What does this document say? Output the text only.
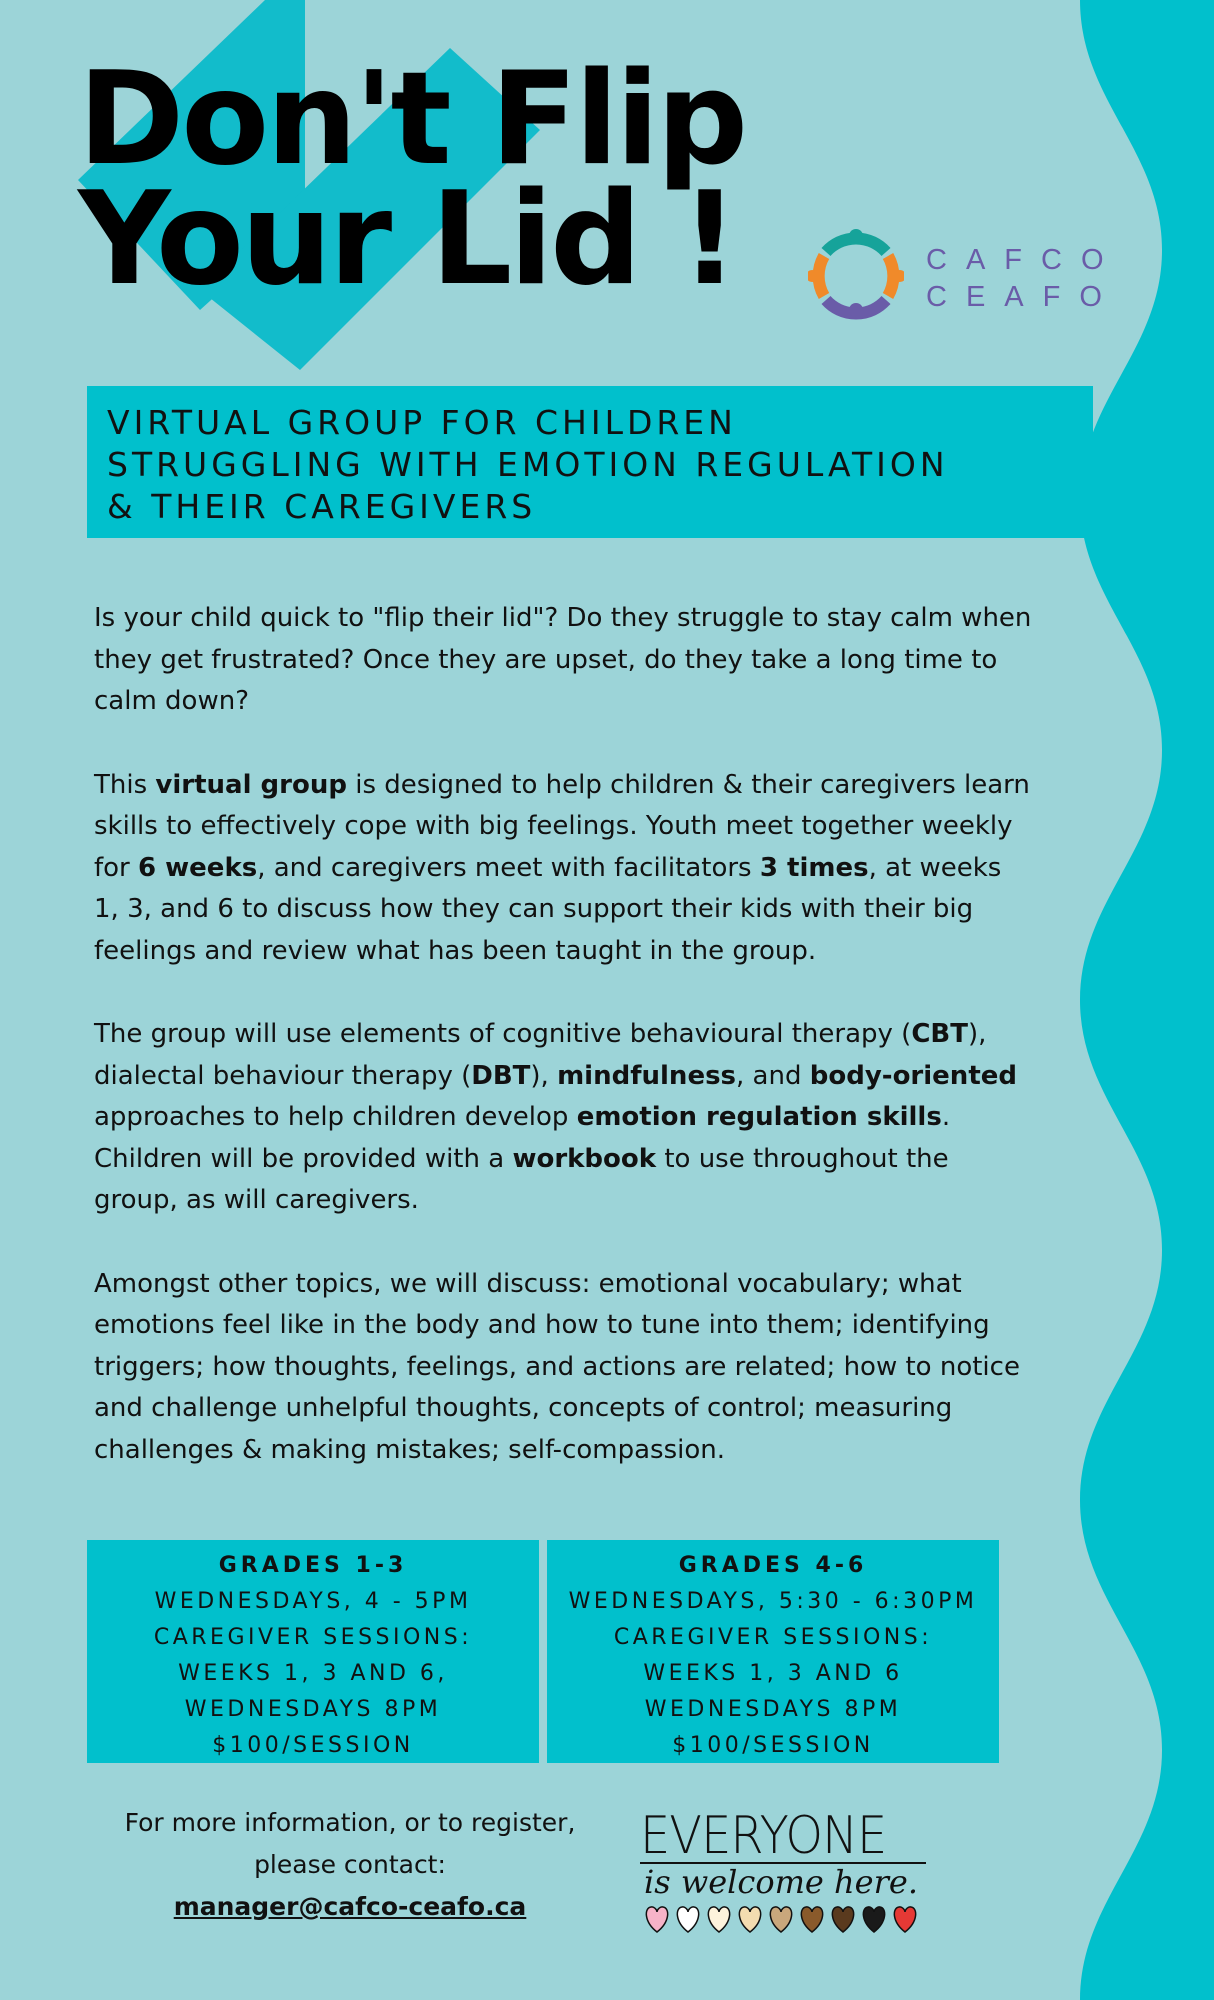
Don't Flip
Your Lid !	CAFCO
CEAFO

VIRTUAL GROUP FOR CHILDREN
STRUGGLING WITH EMOTION REGULATION
& THEIR CAREGIVERS

Is your child quick to "flip their lid"? Do they struggle to stay calm when they get frustrated? Once they are upset, do they take a long time to calm down?

This virtual group is designed to help children & their caregivers learn skills to effectively cope with big feelings. Youth meet together weekly for 6 weeks, and caregivers meet with facilitators 3 times, at weeks 1, 3, and 6 to discuss how they can support their kids with their big feelings and review what has been taught in the group.

The group will use elements of cognitive behavioural therapy (CBT), dialectal behaviour therapy (DBT), mindfulness, and body-oriented approaches to help children develop emotion regulation skills. Children will be provided with a workbook to use throughout the group, as will caregivers.

Amongst other topics, we will discuss: emotional vocabulary; what emotions feel like in the body and how to tune into them; identifying triggers; how thoughts, feelings, and actions are related; how to notice and challenge unhelpful thoughts, concepts of control; measuring challenges & making mistakes; self-compassion.

GRADES 1-3
WEDNESDAYS, 4 - 5PM
CAREGIVER SESSIONS:
WEEKS 1, 3 AND 6,
WEDNESDAYS 8PM
$100/SESSION
GRADES 4-6
WEDNESDAYS, 5:30 - 6:30PM
CAREGIVER SESSIONS:
WEEKS 1, 3 AND 6
WEDNESDAYS 8PM
$100/SESSION
For more information, or to register,
please contact:
manager@cafco-ceafo.ca
EVERYONE
is welcome here.
